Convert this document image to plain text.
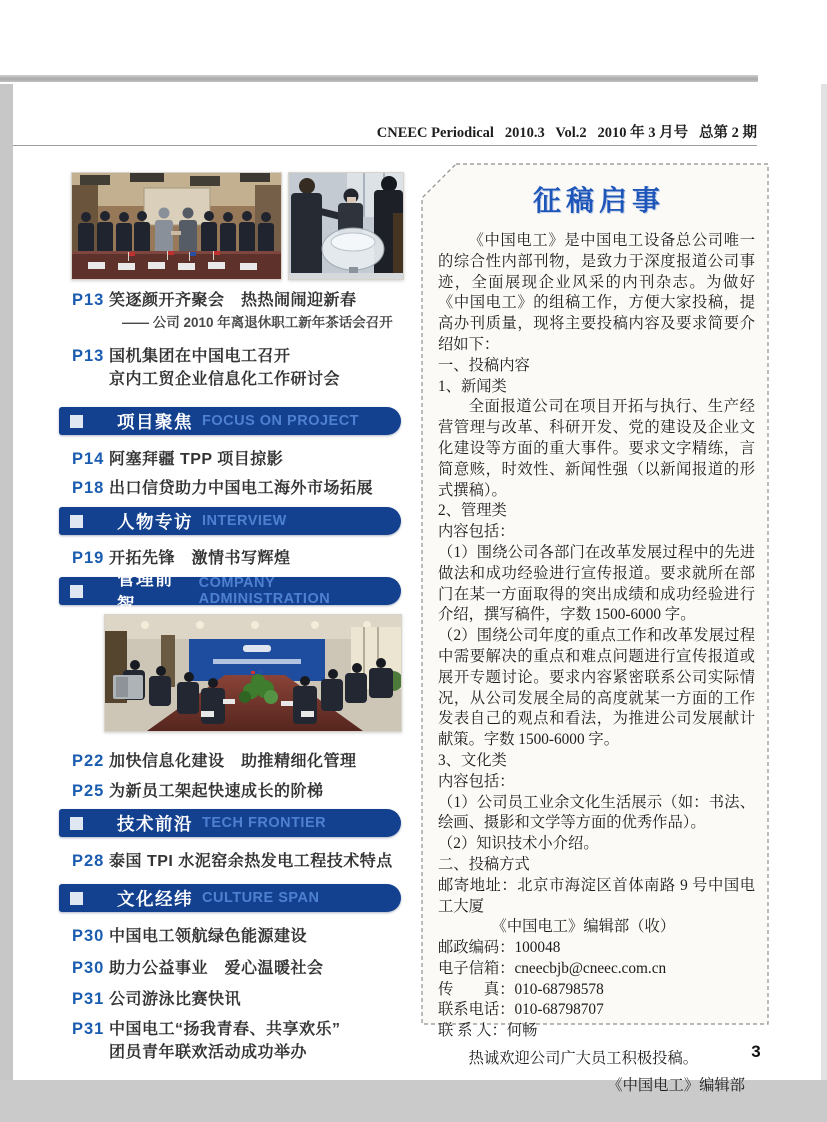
CNEEC Periodical   2010.3   Vol.2   2010 年 3 月号   总第 2 期
P13 笑逐颜开齐聚会　热热闹闹迎新春
—— 公司 2010 年离退休职工新年茶话会召开
P13 国机集团在中国电工召开
京内工贸企业信息化工作研讨会
项目聚焦 FOCUS ON PROJECT
P14 阿塞拜疆 TPP 项目掠影
P18 出口信贷助力中国电工海外市场拓展
人物专访 INTERVIEW
P19 开拓先锋　激情书写辉煌
管理前智
COMPANY ADMINISTRATION
P22 加快信息化建设　助推精细化管理
P25 为新员工架起快速成长的阶梯
技术前沿 TECH FRONTIER
P28 泰国 TPI 水泥窑余热发电工程技术特点
文化经纬 CULTURE SPAN
P30 中国电工领航绿色能源建设
P30 助力公益事业　爱心温暖社会
P31 公司游泳比赛快讯
P31 中国电工“扬我青春、共享欢乐”
团员青年联欢活动成功举办
征稿启事

《中国电工》是中国电工设备总公司唯一的综合性内部刊物，是致力于深度报道公司事迹，全面展现企业风采的内刊杂志。为做好《中国电工》的组稿工作，方便大家投稿，提高办刊质量，现将主要投稿内容及要求简要介绍如下：

一、投稿内容

1、新闻类

全面报道公司在项目开拓与执行、生产经营管理与改革、科研开发、党的建设及企业文化建设等方面的重大事件。要求文字精练，言简意赅，时效性、新闻性强（以新闻报道的形式撰稿）。

2、管理类

内容包括：

（1）围绕公司各部门在改革发展过程中的先进做法和成功经验进行宣传报道。要求就所在部门在某一方面取得的突出成绩和成功经验进行介绍，撰写稿件，字数 1500-6000 字。

（2）围绕公司年度的重点工作和改革发展过程中需要解决的重点和难点问题进行宣传报道或展开专题讨论。要求内容紧密联系公司实际情况，从公司发展全局的高度就某一方面的工作发表自己的观点和看法，为推进公司发展献计献策。字数 1500-6000 字。

3、文化类

内容包括：

（1）公司员工业余文化生活展示（如：书法、绘画、摄影和文学等方面的优秀作品）。

（2）知识技术小介绍。

二、投稿方式

邮寄地址：北京市海淀区首体南路 9 号中国电工大厦

《中国电工》编辑部（收）

邮政编码：100048

电子信箱：cneecbjb@cneec.com.cn

传　　真：010-68798578

联系电话：010-68798707

联 系 人：何畅

热诚欢迎公司广大员工积极投稿。

《中国电工》编辑部

3
